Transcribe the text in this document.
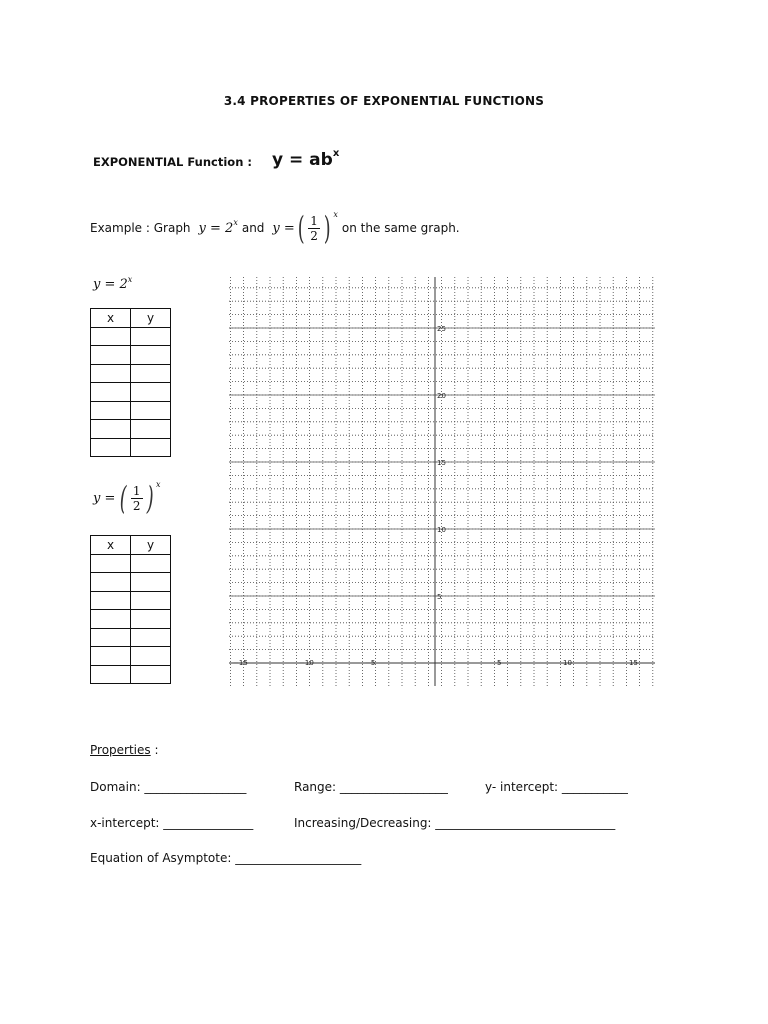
3.4 PROPERTIES OF EXPONENTIAL FUNCTIONS
EXPONENTIAL Function : $y = ab^x$
Example : Graph $y = 2^x$ and y = ( $\frac{1}{2}$ ) x
on the same graph.
$y = 2^x$
x	y

y = ( $\frac{1}{2}$ ) x
x	y

−15	−10	−5	5	10	15
5
10
15
20
25
Properties :
Domain: _________________	Range: __________________	y- intercept: ___________
x-intercept: _______________	Increasing/Decreasing: ______________________________
Equation of Asymptote: _____________________
